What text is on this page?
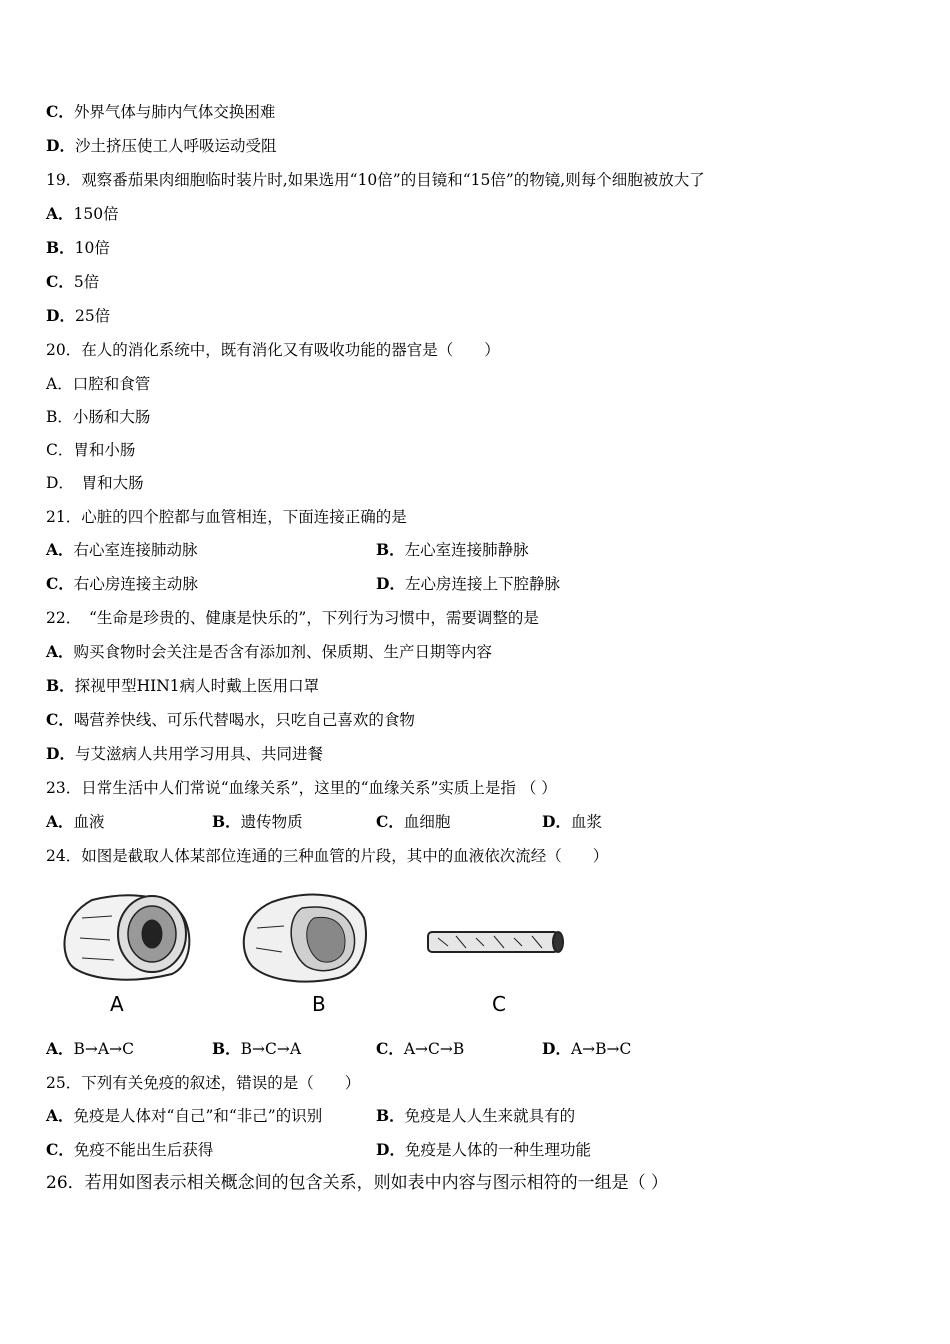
C．外界气体与肺内气体交换困难
D．沙土挤压使工人呼吸运动受阻
19．观察番茄果肉细胞临时装片时,如果选用“10倍”的目镜和“15倍”的物镜,则每个细胞被放大了
A．150倍
B．10倍
C．5倍
D．25倍
20．在人的消化系统中，既有消化又有吸收功能的器官是（　　）
A．口腔和食管
B．小肠和大肠
C．胃和小肠
D．　胃和大肠
21．心脏的四个腔都与血管相连，下面连接正确的是
A．右心室连接肺动脉	B．左心室连接肺静脉
C．右心房连接主动脉	D．左心房连接上下腔静脉
22．　“生命是珍贵的、健康是快乐的”，下列行为习惯中，需要调整的是
A．购买食物时会关注是否含有添加剂、保质期、生产日期等内容
B．探视甲型HIN1病人时戴上医用口罩
C．喝营养快线、可乐代替喝水，只吃自己喜欢的食物
D．与艾滋病人共用学习用具、共同进餐
23．日常生活中人们常说“血缘关系”，这里的“血缘关系”实质上是指 （ ）
A．血液	B．遗传物质	C．血细胞	D．血浆
24．如图是截取人体某部位连通的三种血管的片段，其中的血液依次流经（　　）
A	B	C
A．B→A→C	B．B→C→A	C．A→C→B	D．A→B→C
25．下列有关免疫的叙述，错误的是（　　）
A．免疫是人体对“自己”和“非己”的识别	B．免疫是人人生来就具有的
C．免疫不能出生后获得	D．免疫是人体的一种生理功能
26．若用如图表示相关概念间的包含关系，则如表中内容与图示相符的一组是（ ）
